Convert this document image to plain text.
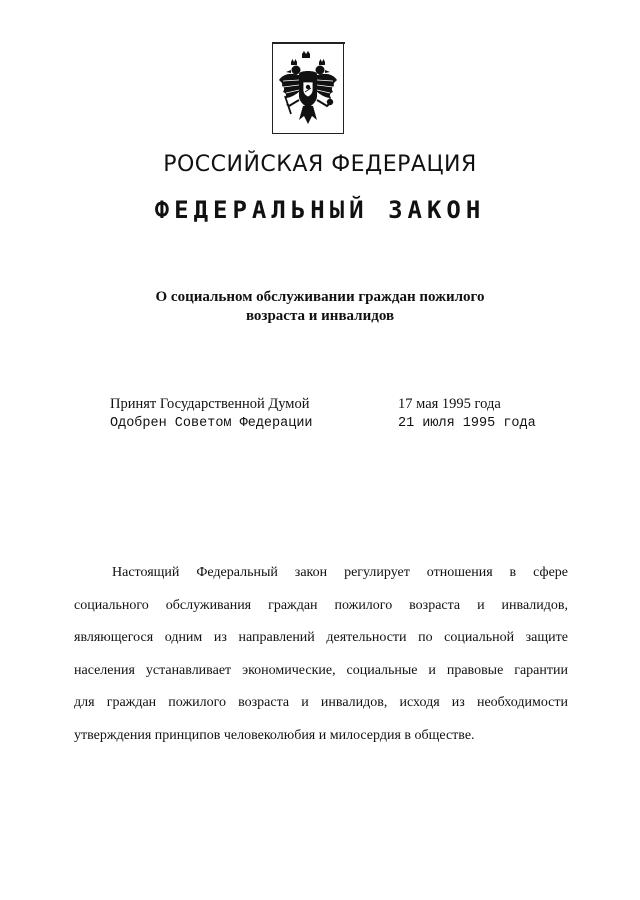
РОССИЙСКАЯ ФЕДЕРАЦИЯ
ФЕДЕРАЛЬНЫЙ ЗАКОН
О социальном обслуживании граждан пожилого
возраста и инвалидов
Принят Государственной Думой	17 мая 1995 года
Одобрен Советом Федерации	21 июля 1995 года
Настоящий Федеральный закон регулирует отношения в сфере
социального обслуживания граждан пожилого возраста и инвалидов,
являющегося одним из направлений деятельности по социальной защите
населения устанавливает экономические, социальные и правовые гарантии
для граждан пожилого возраста и инвалидов, исходя из необходимости
утверждения принципов человеколюбия и милосердия в обществе.
